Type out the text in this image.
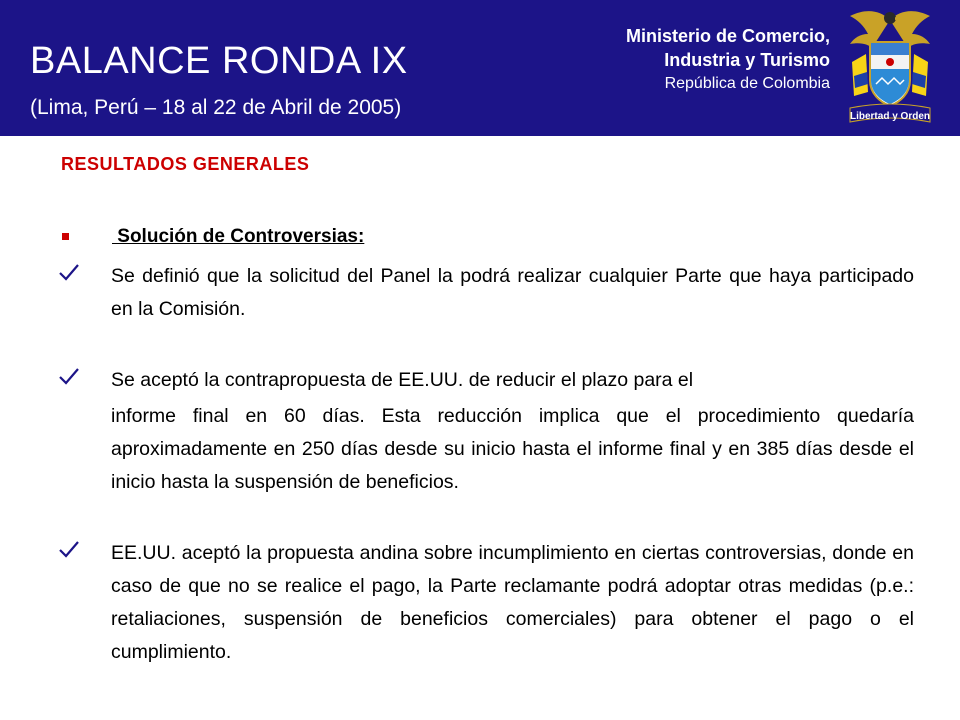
BALANCE RONDA IX
(Lima, Perú – 18 al 22 de Abril de 2005)
Ministerio de Comercio,
Industria y Turismo
República de Colombia
Libertad y Orden
RESULTADOS GENERALES
Solución de Controversias:
Se definió que la solicitud del Panel la podrá realizar cualquier Parte que haya participado en la Comisión.
Se aceptó la contrapropuesta de EE.UU. de reducir el plazo para el
informe final en 60 días. Esta reducción implica que el procedimiento quedaría aproximadamente en 250 días desde su inicio hasta el informe final y en 385 días desde el inicio hasta la suspensión de beneficios.
EE.UU. aceptó la propuesta andina sobre incumplimiento en ciertas controversias, donde en caso de que no se realice el pago, la Parte reclamante podrá adoptar otras medidas (p.e.: retaliaciones, suspensión de beneficios comerciales) para obtener el pago o el cumplimiento.
